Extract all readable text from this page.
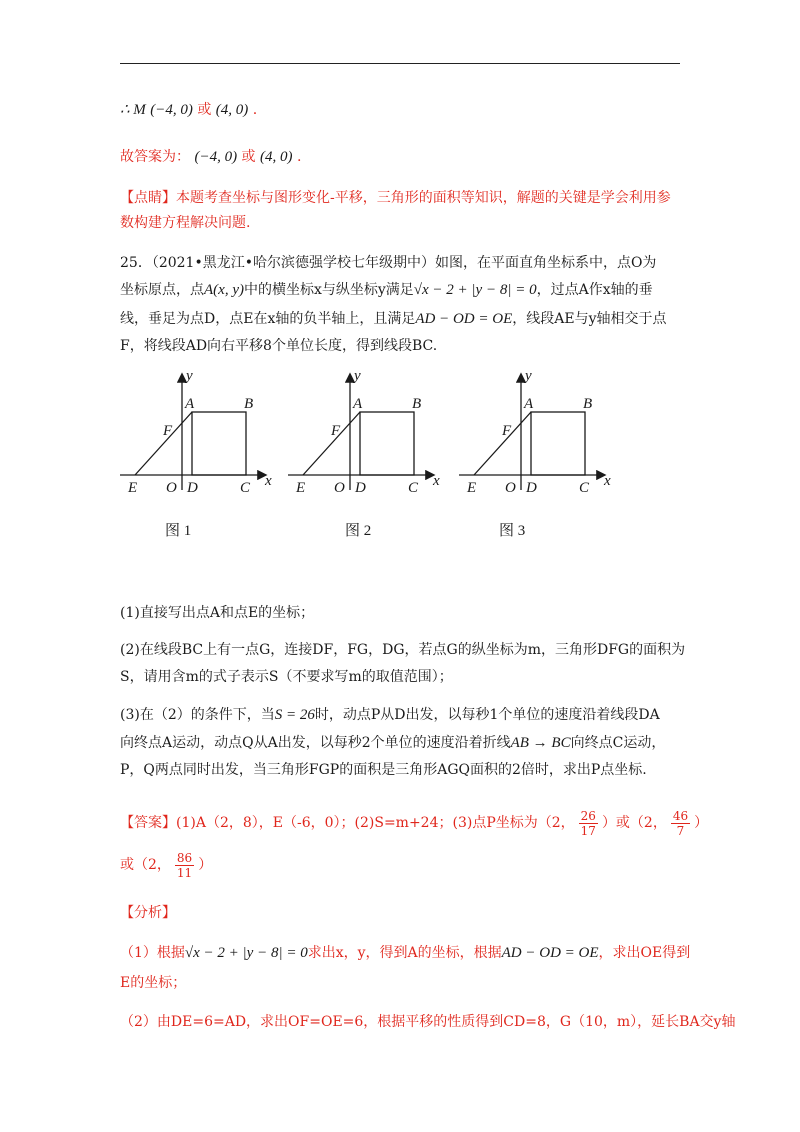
∴ M (−4, 0) 或 (4, 0) .
故答案为： (−4, 0) 或 (4, 0) .
【点睛】本题考查坐标与图形变化-平移，三角形的面积等知识，解题的关键是学会利用参
数构建方程解决问题.
25．（2021•黑龙江•哈尔滨德强学校七年级期中）如图，在平面直角坐标系中，点O为
坐标原点，点A(x, y)中的横坐标x与纵坐标y满足√x − 2 + |y − 8| = 0，过点A作x轴的垂
线，垂足为点D，点E在x轴的负半轴上，且满足AD − OD = OE，线段AE与y轴相交于点
F，将线段AD向右平移8个单位长度，得到线段BC.
y
A	B
F
E O D	C x
图 1
y
A	B
F
E O D	C x
图 2
y
A	B
F
E O D	C x
图 3
(1)直接写出点A和点E的坐标；
(2)在线段BC上有一点G，连接DF，FG，DG，若点G的纵坐标为m，三角形DFG的面积为
S，请用含m的式子表示S（不要求写m的取值范围）；
(3)在（2）的条件下，当S = 26时，动点P从D出发，以每秒1个单位的速度沿着线段DA
向终点A运动，动点Q从A出发，以每秒2个单位的速度沿着折线AB → BC向终点C运动，
P，Q两点同时出发，当三角形FGP的面积是三角形AGQ面积的2倍时，求出P点坐标.
【答案】(1)A（2，8），E（-6，0）；(2)S=m+24；(3)点P坐标为（2， $\frac{26}{17}$ ）或（2， $\frac{46}{7}$ ）
或（2， $\frac{86}{11}$ ）
【分析】
（1）根据√x − 2 + |y − 8| = 0求出x，y，得到A的坐标，根据AD − OD = OE，求出OE得到
E的坐标；
（2）由DE=6=AD，求出OF=OE=6，根据平移的性质得到CD=8，G（10，m），延长BA交y轴
